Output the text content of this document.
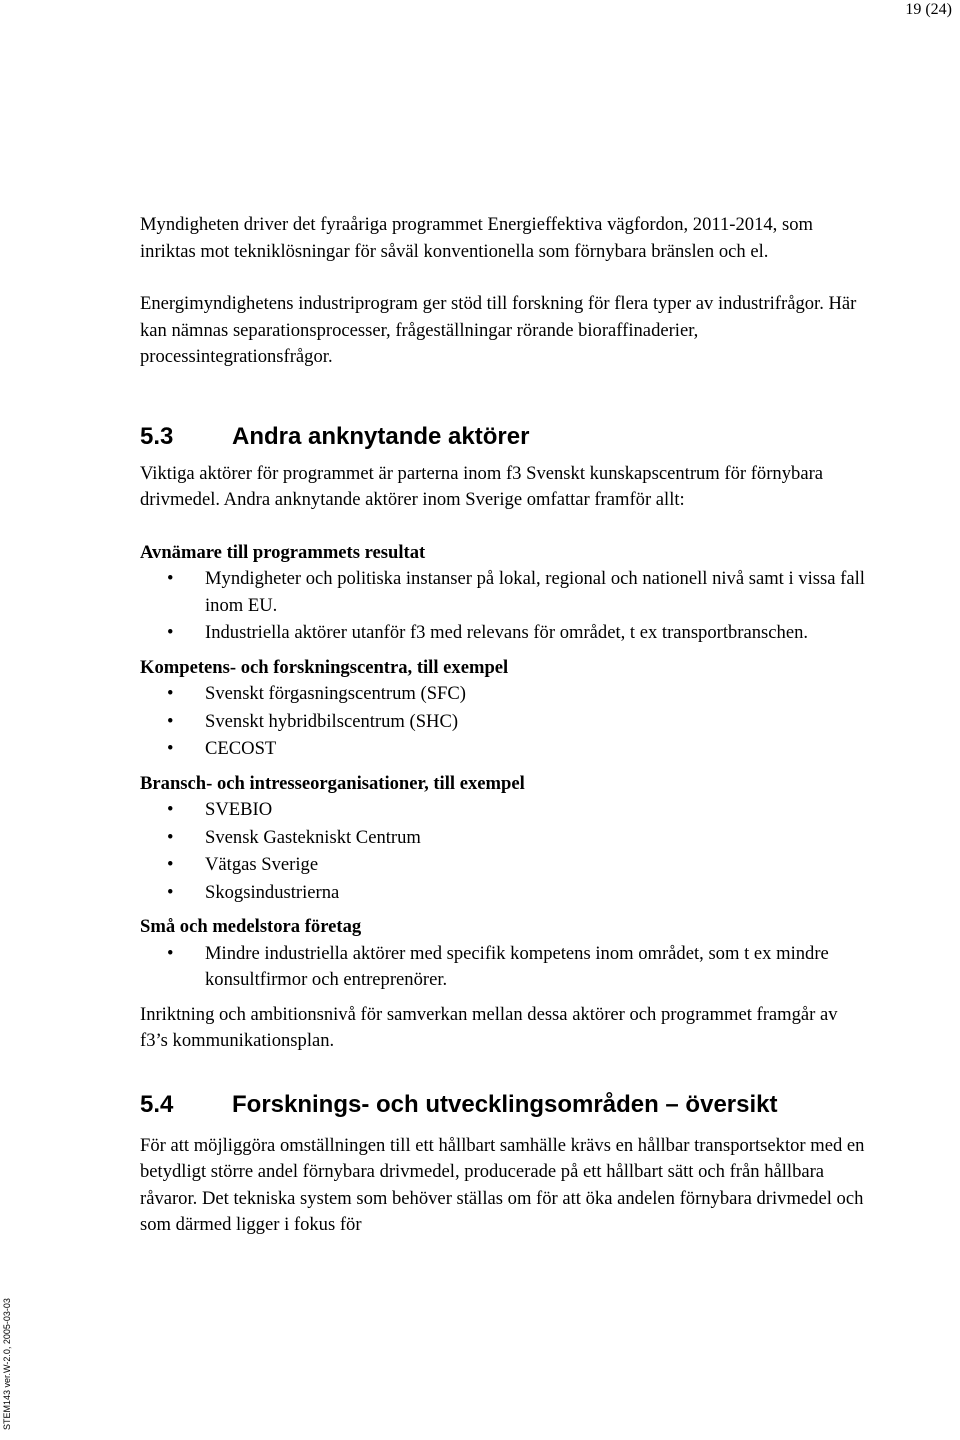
19 (24)
STEM143 ver.W-2.0, 2005-03-03

Myndigheten driver det fyraåriga programmet Energieffektiva vägfordon, 2011-2014, som inriktas mot tekniklösningar för såväl konventionella som förnybara bränslen och el.

Energimyndighetens industriprogram ger stöd till forskning för flera typer av industrifrågor. Här kan nämnas separationsprocesser, frågeställningar rörande bioraffinaderier, processintegrationsfrågor.

5.3	Andra anknytande aktörer

Viktiga aktörer för programmet är parterna inom f3 Svenskt kunskapscentrum för förnybara drivmedel. Andra anknytande aktörer inom Sverige omfattar framför allt:

Avnämare till programmets resultat

• Myndigheter och politiska instanser på lokal, regional och nationell nivå samt i vissa fall inom EU.
• Industriella aktörer utanför f3 med relevans för området, t ex transportbranschen.

Kompetens- och forskningscentra, till exempel

• Svenskt förgasningscentrum (SFC)
• Svenskt hybridbilscentrum (SHC)
• CECOST

Bransch- och intresseorganisationer, till exempel

• SVEBIO
• Svensk Gastekniskt Centrum
• Vätgas Sverige
• Skogsindustrierna

Små och medelstora företag

• Mindre industriella aktörer med specifik kompetens inom området, som t ex mindre konsultfirmor och entreprenörer.

Inriktning och ambitionsnivå för samverkan mellan dessa aktörer och programmet framgår av f3’s kommunikationsplan.

5.4	Forsknings- och utvecklingsområden – översikt

För att möjliggöra omställningen till ett hållbart samhälle krävs en hållbar transportsektor med en betydligt större andel förnybara drivmedel, producerade på ett hållbart sätt och från hållbara råvaror. Det tekniska system som behöver ställas om för att öka andelen förnybara drivmedel och som därmed ligger i fokus för
